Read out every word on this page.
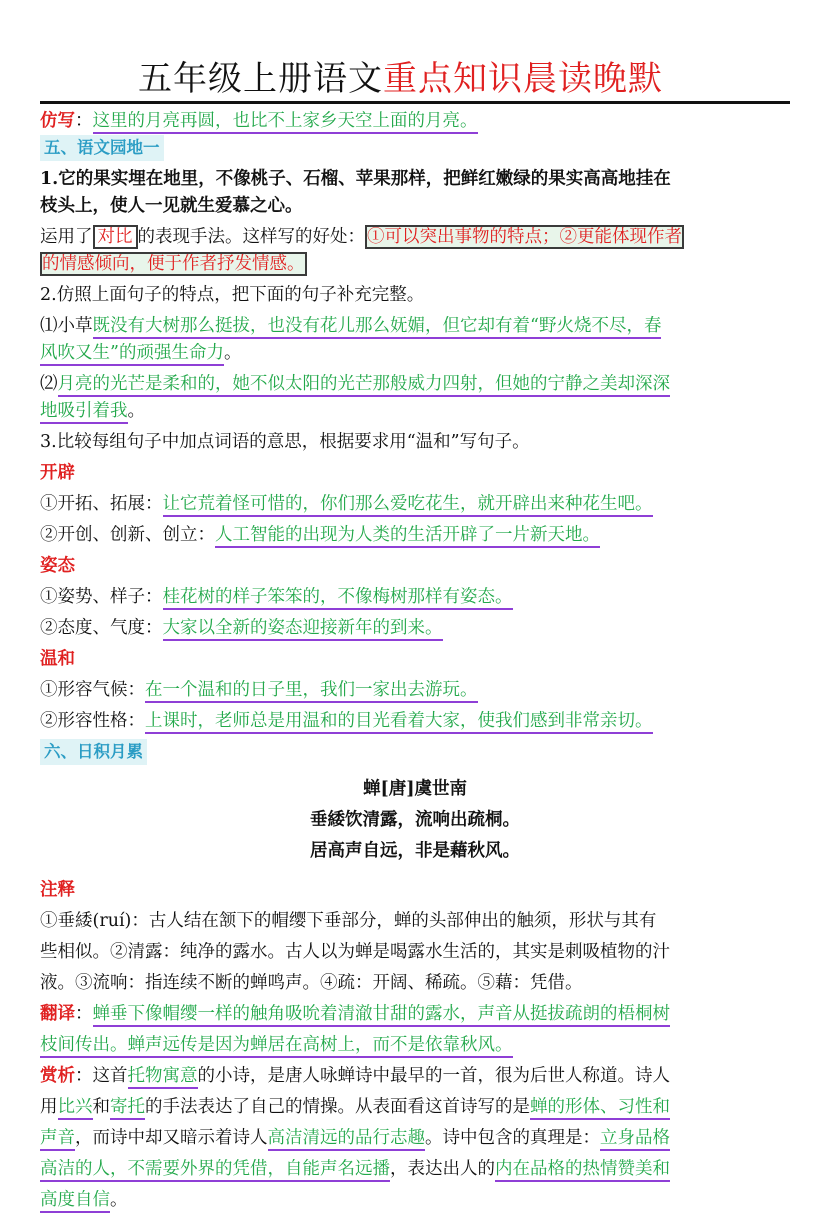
五年级上册语文重点知识晨读晚默
仿写：这里的月亮再圆，也比不上家乡天空上面的月亮。
五、语文园地一
1.它的果实埋在地里，不像桃子、石榴、苹果那样，把鲜红嫩绿的果实高高地挂在
枝头上，使人一见就生爱慕之心。
运用了 对比 的表现手法。这样写的好处： ①可以突出事物的特点；②更能体现作者
的情感倾向，便于作者抒发情感。
2.仿照上面句子的特点，把下面的句子补充完整。
⑴小草既没有大树那么挺拔，也没有花儿那么妩媚，但它却有着“野火烧不尽，春
风吹又生”的顽强生命力。
⑵月亮的光芒是柔和的，她不似太阳的光芒那般威力四射，但她的宁静之美却深深
地吸引着我。
3.比较每组句子中加点词语的意思，根据要求用“温和”写句子。
开辟
①开拓、拓展：让它荒着怪可惜的，你们那么爱吃花生，就开辟出来种花生吧。
②开创、创新、创立：人工智能的出现为人类的生活开辟了一片新天地。
姿态
①姿势、样子：桂花树的样子笨笨的，不像梅树那样有姿态。
②态度、气度：大家以全新的姿态迎接新年的到来。
温和
①形容气候：在一个温和的日子里，我们一家出去游玩。
②形容性格：上课时，老师总是用温和的目光看着大家，使我们感到非常亲切。
六、日积月累
蝉[唐]虞世南
垂緌饮清露，流响出疏桐。
居高声自远，非是藉秋风。
注释
①垂緌(ruí)：古人结在颔下的帽缨下垂部分，蝉的头部伸出的触须，形状与其有
些相似。②清露：纯净的露水。古人以为蝉是喝露水生活的，其实是刺吸植物的汁
液。③流响：指连续不断的蝉鸣声。④疏：开阔、稀疏。⑤藉：凭借。
翻译：蝉垂下像帽缨一样的触角吸吮着清澈甘甜的露水，声音从挺拔疏朗的梧桐树
枝间传出。蝉声远传是因为蝉居在高树上，而不是依靠秋风。
赏析：这首托物寓意的小诗，是唐人咏蝉诗中最早的一首，很为后世人称道。诗人
用比兴和寄托的手法表达了自己的情操。从表面看这首诗写的是蝉的形体、习性和
声音，而诗中却又暗示着诗人高洁清远的品行志趣。诗中包含的真理是：立身品格
高洁的人，不需要外界的凭借，自能声名远播，表达出人的内在品格的热情赞美和
高度自信。
